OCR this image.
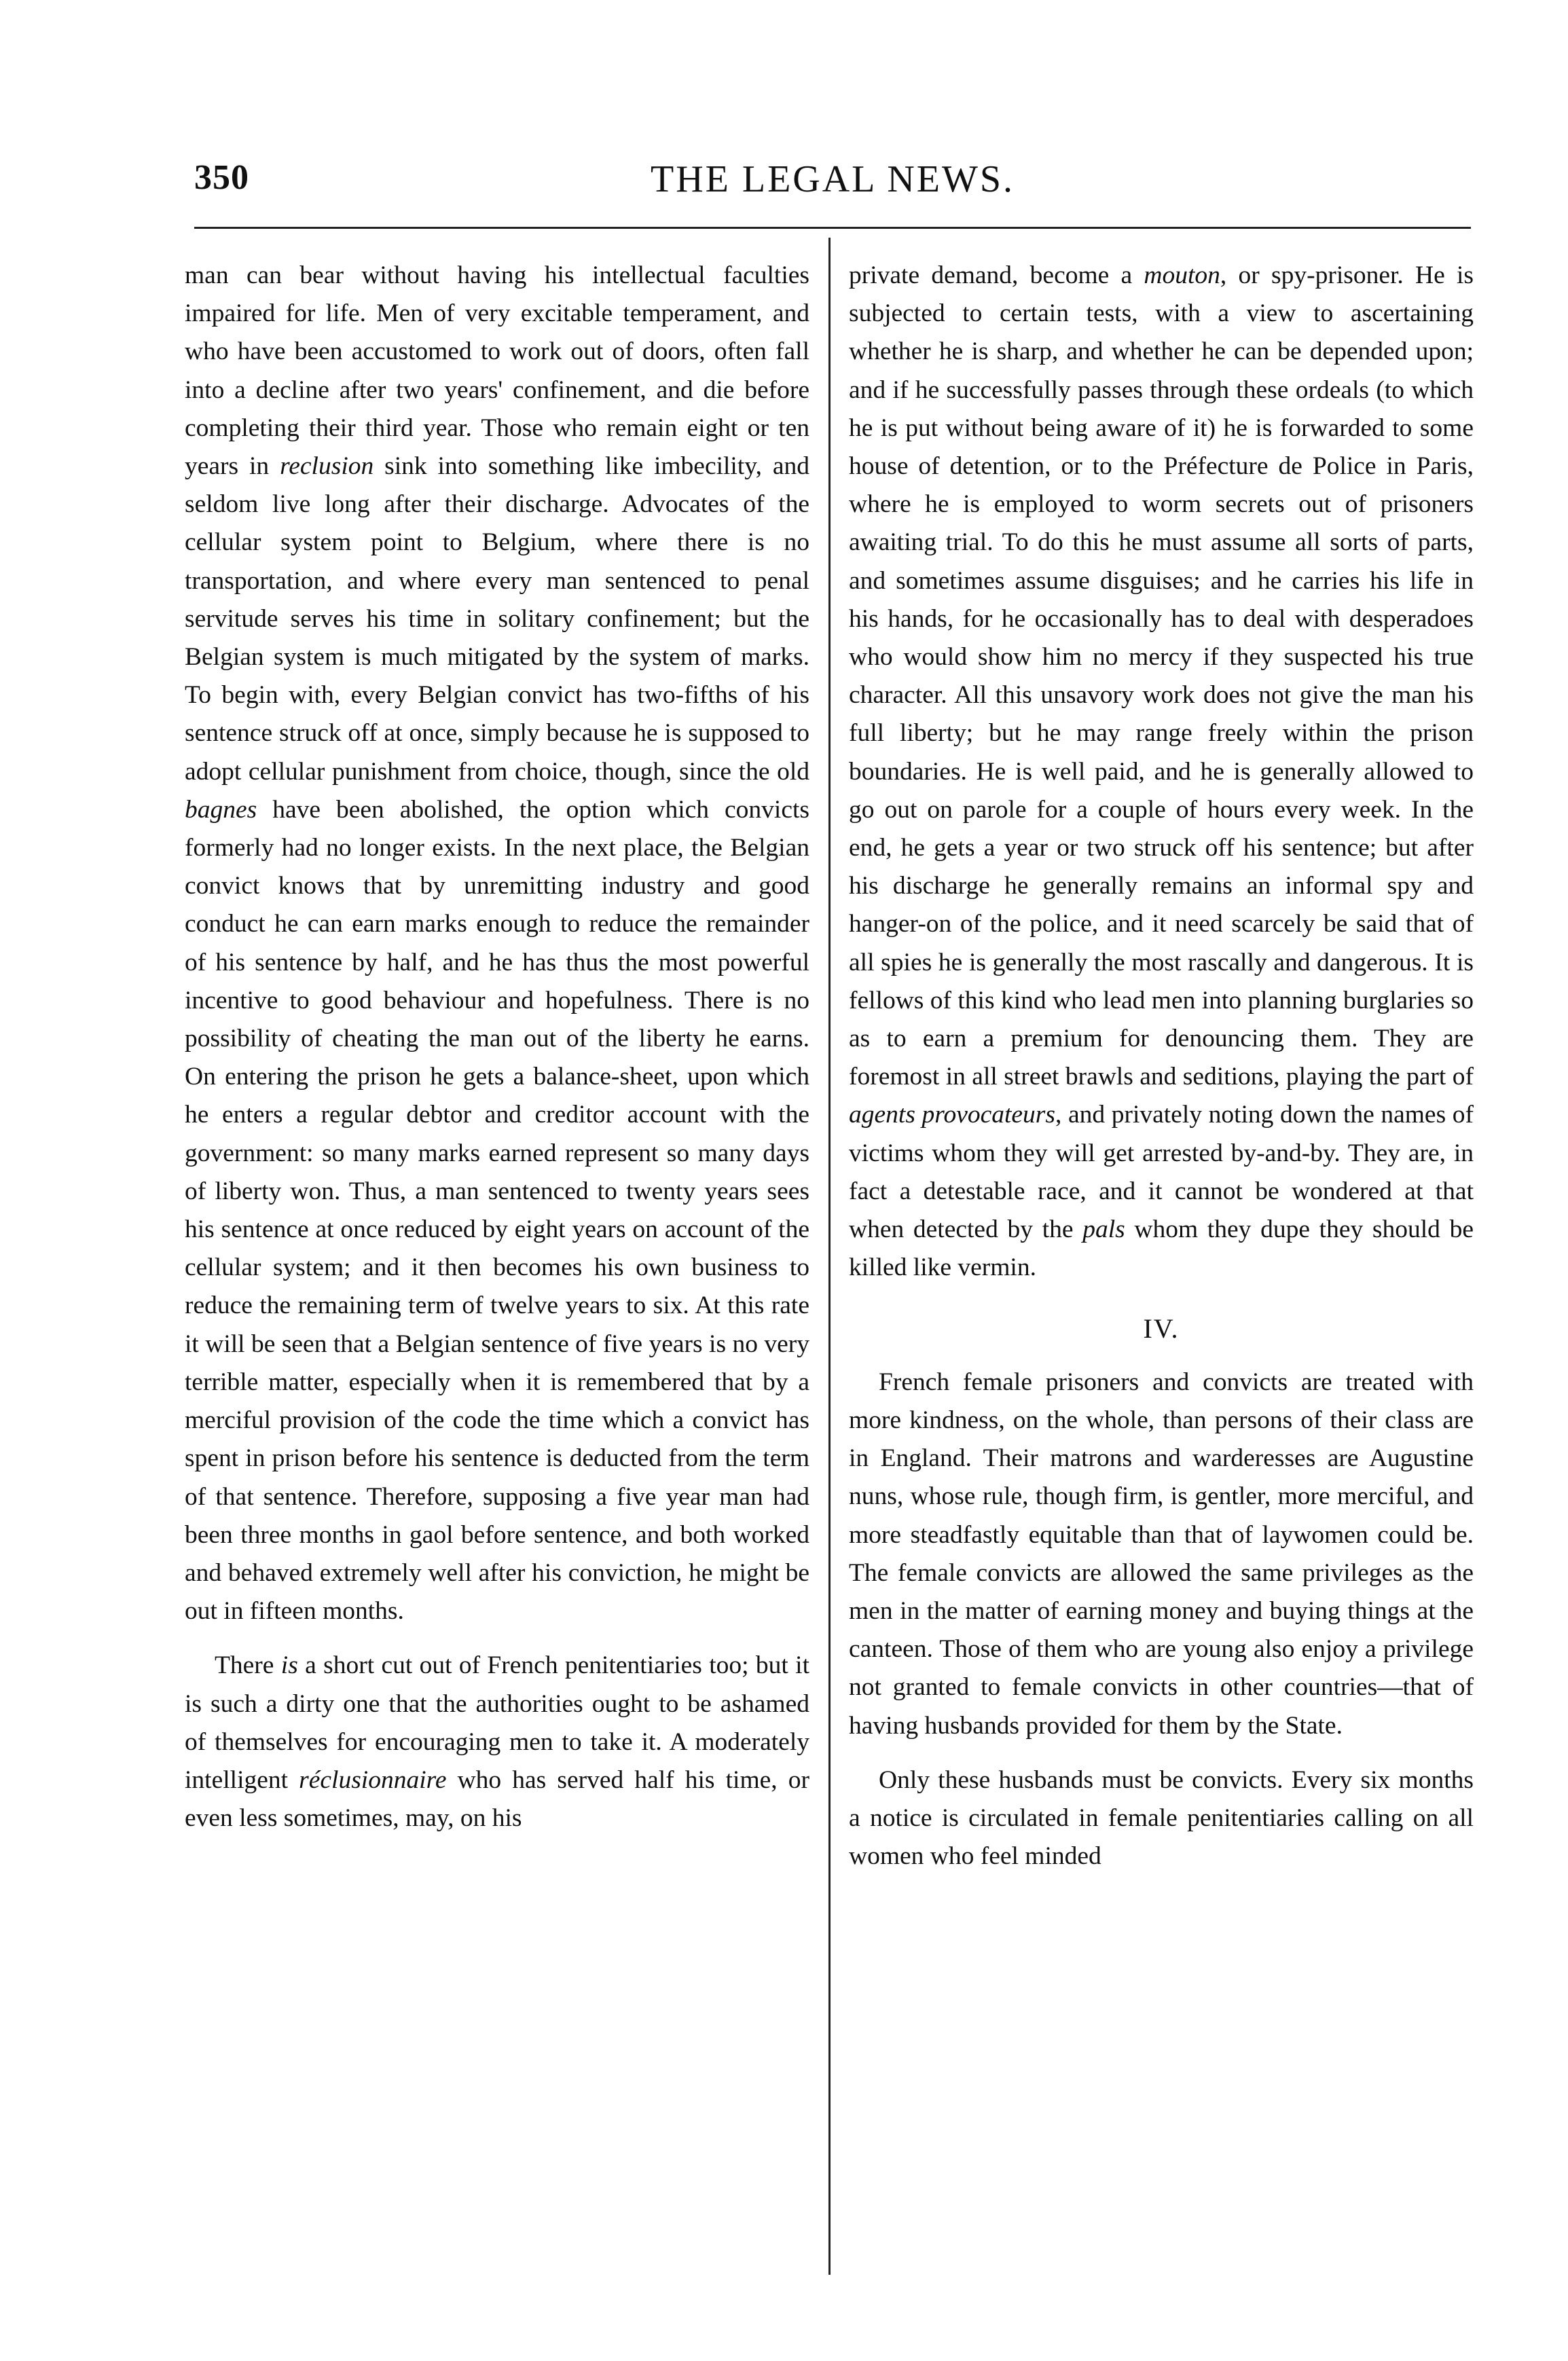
350	THE LEGAL NEWS.

man can bear without having his intellectual faculties impaired for life. Men of very excitable temperament, and who have been accustomed to work out of doors, often fall into a decline after two years' confinement, and die before completing their third year. Those who remain eight or ten years in reclusion sink into something like imbecility, and seldom live long after their discharge. Advocates of the cellular system point to Belgium, where there is no transportation, and where every man sentenced to penal servitude serves his time in solitary confinement; but the Belgian system is much mitigated by the system of marks. To begin with, every Belgian convict has two-fifths of his sentence struck off at once, simply because he is supposed to adopt cellular punishment from choice, though, since the old bagnes have been abolished, the option which convicts formerly had no longer exists. In the next place, the Belgian convict knows that by unremitting industry and good conduct he can earn marks enough to reduce the remainder of his sentence by half, and he has thus the most powerful incentive to good behaviour and hopefulness. There is no possibility of cheating the man out of the liberty he earns. On entering the prison he gets a balance-sheet, upon which he enters a regular debtor and creditor account with the government: so many marks earned represent so many days of liberty won. Thus, a man sentenced to twenty years sees his sentence at once reduced by eight years on account of the cellular system; and it then becomes his own business to reduce the remaining term of twelve years to six. At this rate it will be seen that a Belgian sentence of five years is no very terrible matter, especially when it is remembered that by a merciful provision of the code the time which a convict has spent in prison before his sentence is deducted from the term of that sentence. Therefore, supposing a five year man had been three months in gaol before sentence, and both worked and behaved extremely well after his conviction, he might be out in fifteen months.

There is a short cut out of French penitentiaries too; but it is such a dirty one that the authorities ought to be ashamed of themselves for encouraging men to take it. A moderately intelligent réclusionnaire who has served half his time, or even less sometimes, may, on his

private demand, become a mouton, or spy-prisoner. He is subjected to certain tests, with a view to ascertaining whether he is sharp, and whether he can be depended upon; and if he successfully passes through these ordeals (to which he is put without being aware of it) he is forwarded to some house of detention, or to the Préfecture de Police in Paris, where he is employed to worm secrets out of prisoners awaiting trial. To do this he must assume all sorts of parts, and sometimes assume disguises; and he carries his life in his hands, for he occasionally has to deal with desperadoes who would show him no mercy if they suspected his true character. All this unsavory work does not give the man his full liberty; but he may range freely within the prison boundaries. He is well paid, and he is generally allowed to go out on parole for a couple of hours every week. In the end, he gets a year or two struck off his sentence; but after his discharge he generally remains an informal spy and hanger-on of the police, and it need scarcely be said that of all spies he is generally the most rascally and dangerous. It is fellows of this kind who lead men into planning burglaries so as to earn a premium for denouncing them. They are foremost in all street brawls and seditions, playing the part of agents provocateurs, and privately noting down the names of victims whom they will get arrested by-and-by. They are, in fact a detestable race, and it cannot be wondered at that when detected by the pals whom they dupe they should be killed like vermin.

IV.

French female prisoners and convicts are treated with more kindness, on the whole, than persons of their class are in England. Their matrons and warderesses are Augustine nuns, whose rule, though firm, is gentler, more merciful, and more steadfastly equitable than that of laywomen could be. The female convicts are allowed the same privileges as the men in the matter of earning money and buying things at the canteen. Those of them who are young also enjoy a privilege not granted to female convicts in other countries—that of having husbands provided for them by the State.

Only these husbands must be convicts. Every six months a notice is circulated in female penitentiaries calling on all women who feel minded
